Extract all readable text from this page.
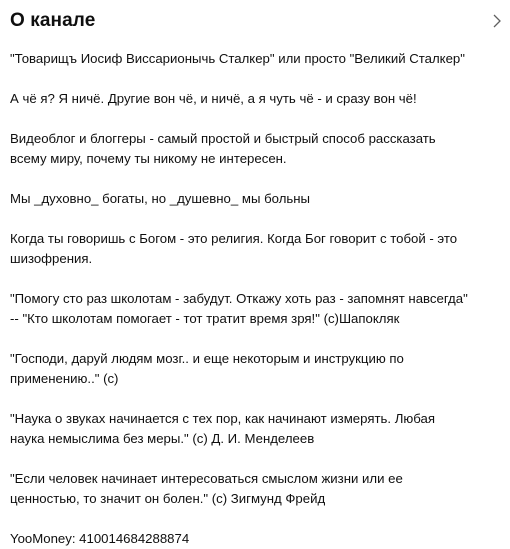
О канале

"Товарищъ Иосиф Виссарионычь Сталкер" или просто "Великий Сталкер"

А чё я? Я ничё. Другие вон чё, и ничё, а я чуть чё - и сразу вон чё!

Видеоблог и блоггеры - самый простой и быстрый способ рассказать
всему миру, почему ты никому не интересен.

Мы _духовно_ богаты, но _душевно_ мы больны

Когда ты говоришь с Богом - это религия. Когда Бог говорит с тобой - это
шизофрения.

"Помогу сто раз школотам - забудут. Откажу хоть раз - запомнят навсегда"
-- "Кто школотам помогает - тот тратит время зря!" (с)Шапокляк

"Господи, даруй людям мозг.. и еще некоторым и инструкцию по
применению.." (с)

"Наука о звуках начинается с тех пор, как начинают измерять. Любая
наука немыслима без меры." (с) Д. И. Менделеев

"Если человек начинает интересоваться смыслом жизни или ее
ценностью, то значит он болен." (с) Зигмунд Фрейд

YooMoney: 410014684288874
